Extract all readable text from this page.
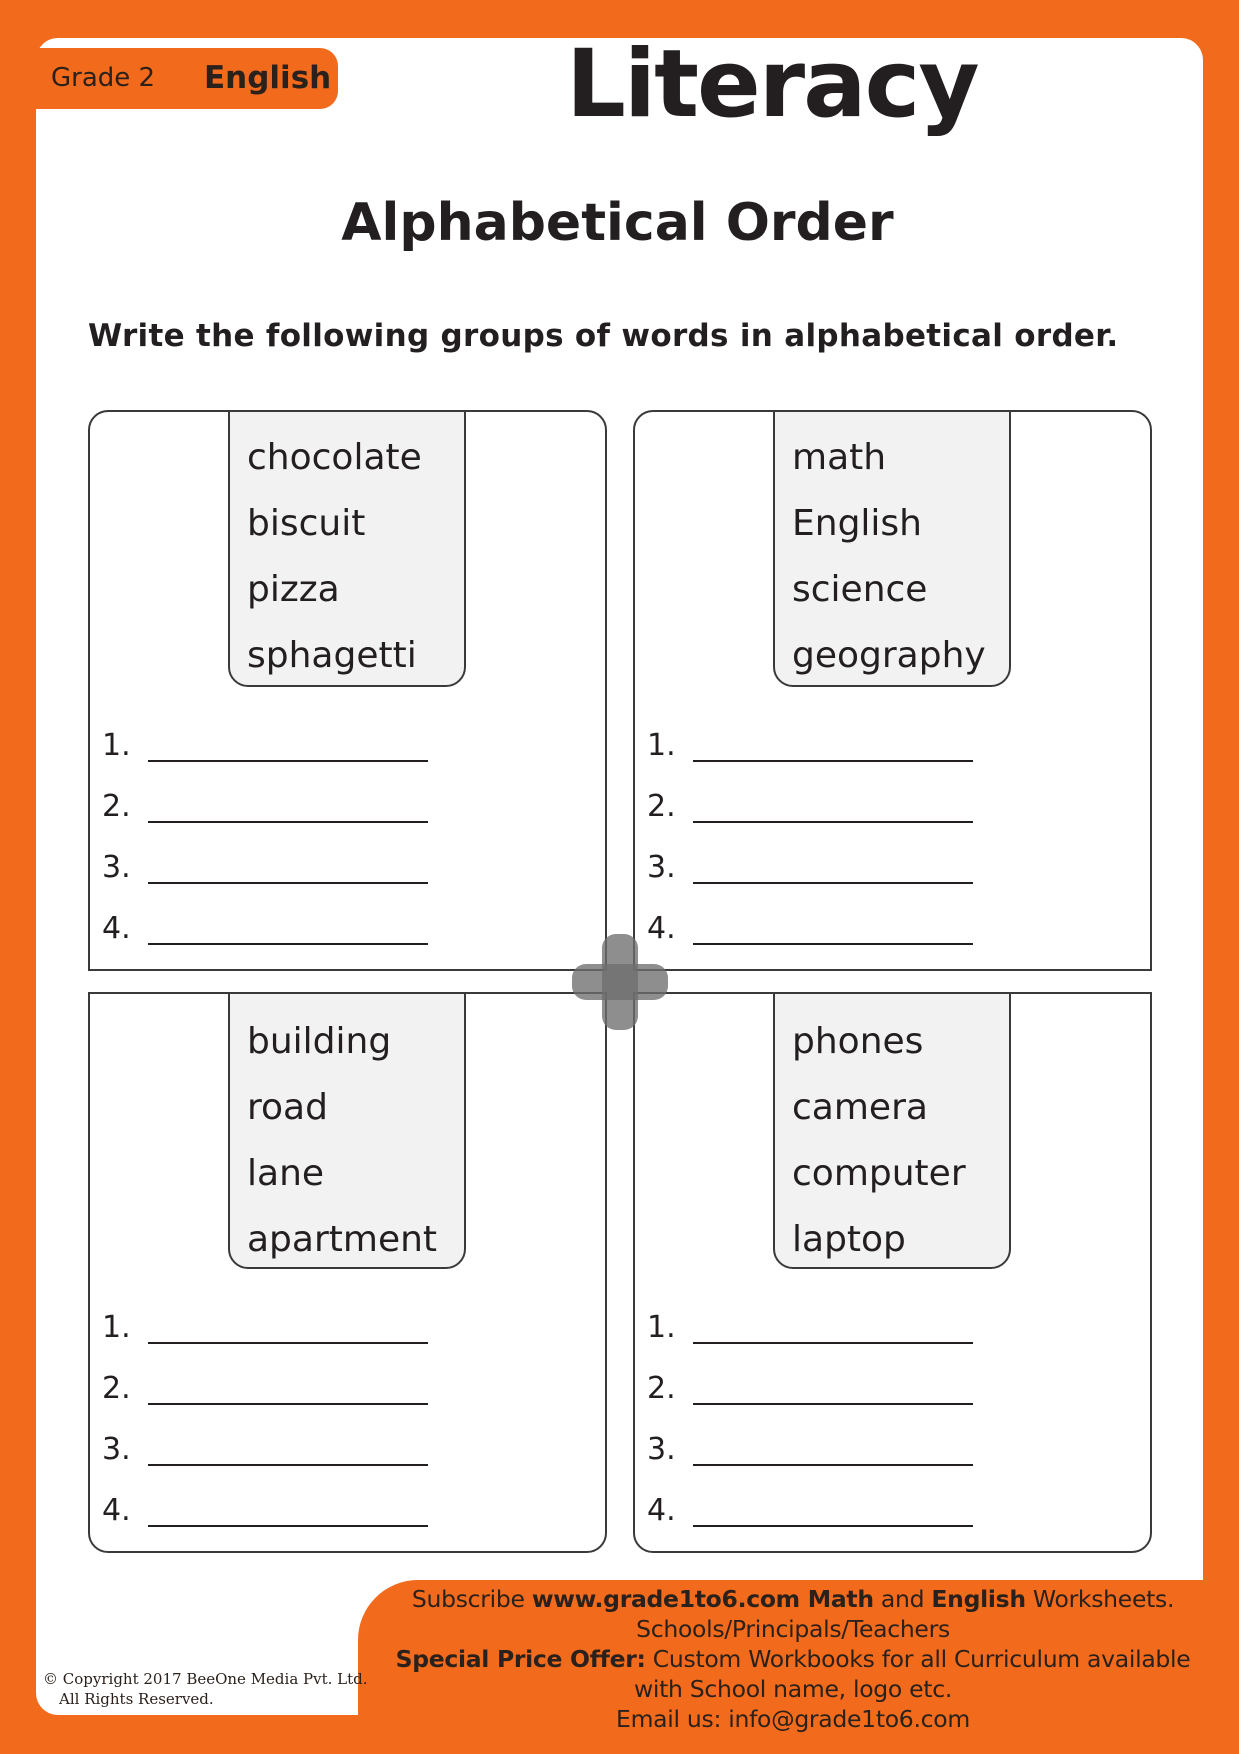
Grade 2 English Literacy
Alphabetical Order
Write the following groups of words in alphabetical order.
chocolate
biscuit
pizza
sphagetti
1.
2.
3.
4.
math
English
science
geography
1.
2.
3.
4.
building
road
lane
apartment
1.
2.
3.
4.
phones
camera
computer
laptop
1.
2.
3.
4.
Subscribe www.grade1to6.com Math and English Worksheets.
Schools/Principals/Teachers
Special Price Offer: Custom Workbooks for all Curriculum available
with School name, logo etc.
Email us: info@grade1to6.com
© Copyright 2017 BeeOne Media Pvt. Ltd.
All Rights Reserved.
